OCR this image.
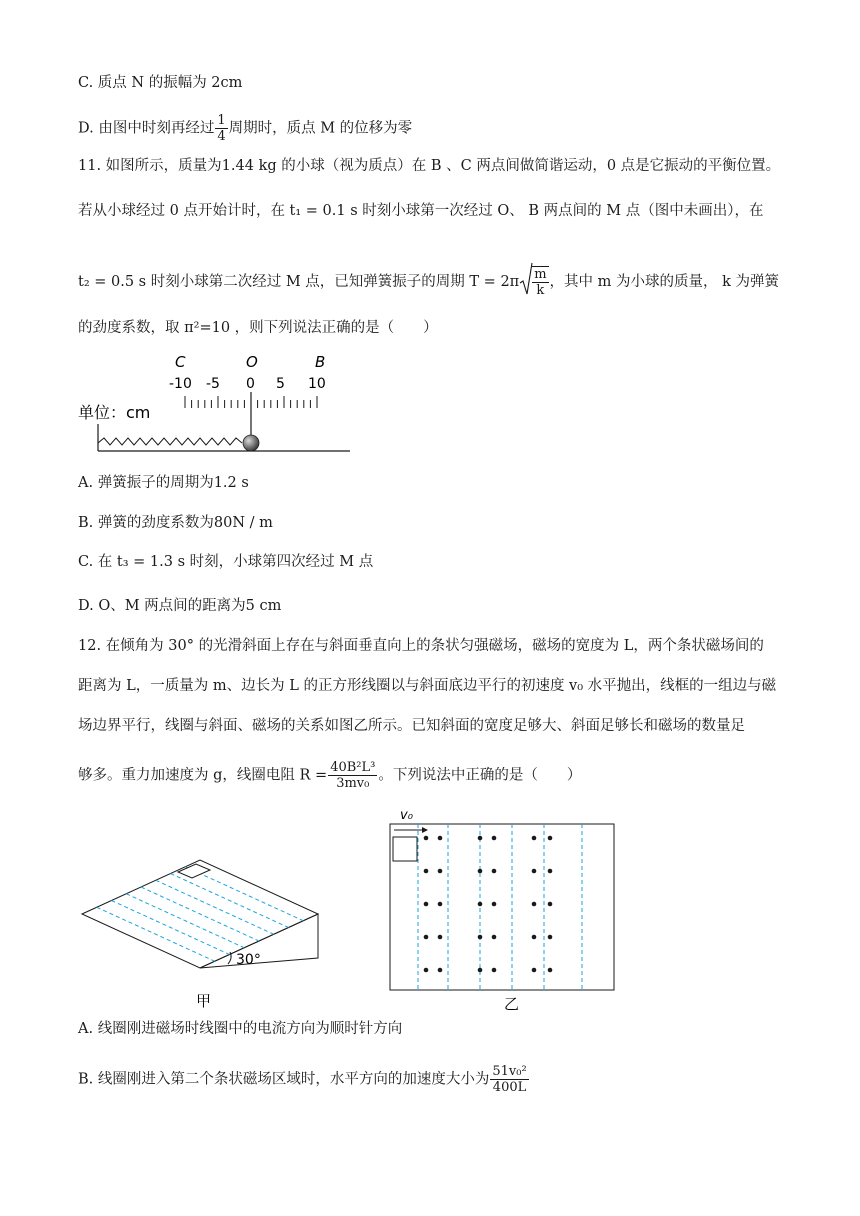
C. 质点 N 的振幅为 2cm
D. 由图中时刻再经过 $\frac{1}{4}$ 周期时，质点 M 的位移为零
11. 如图所示，质量为1.44 kg 的小球（视为质点）在 B 、C 两点间做简谐运动，0 点是它振动的平衡位置。
若从小球经过 0 点开始计时，在 t₁ = 0.1 s 时刻小球第一次经过 O、 B 两点间的 M 点（图中未画出），在
t₂ = 0.5 s 时刻小球第二次经过 M 点，已知弹簧振子的周期 $T = 2\pi \frac{m}{k}$ ，其中 m 为小球的质量， k 为弹簧
的劲度系数，取 π²=10 ，则下列说法正确的是（　　）
C	O	B
-10 -5 0 5 10
单位：cm
A. 弹簧振子的周期为1.2 s
B. 弹簧的劲度系数为80N / m
C. 在 t₃ = 1.3 s 时刻，小球第四次经过 M 点
D. O、M 两点间的距离为5 cm
12. 在倾角为 30° 的光滑斜面上存在与斜面垂直向上的条状匀强磁场，磁场的宽度为 L，两个条状磁场间的
距离为 L，一质量为 m、边长为 L 的正方形线圈以与斜面底边平行的初速度 v₀ 水平抛出，线框的一组边与磁
场边界平行，线圈与斜面、磁场的关系如图乙所示。已知斜面的宽度足够大、斜面足够长和磁场的数量足
够多。重力加速度为 g，线圈电阻 $R = \frac{\text{40B²L³}}{\text{3mv₀}}$ 。下列说法中正确的是（　　）
30°
甲
v₀
乙
A. 线圈刚进磁场时线圈中的电流方向为顺时针方向
B. 线圈刚进入第二个条状磁场区域时，水平方向的加速度大小为 $\frac{\text{51v₀²}}{400L}$
